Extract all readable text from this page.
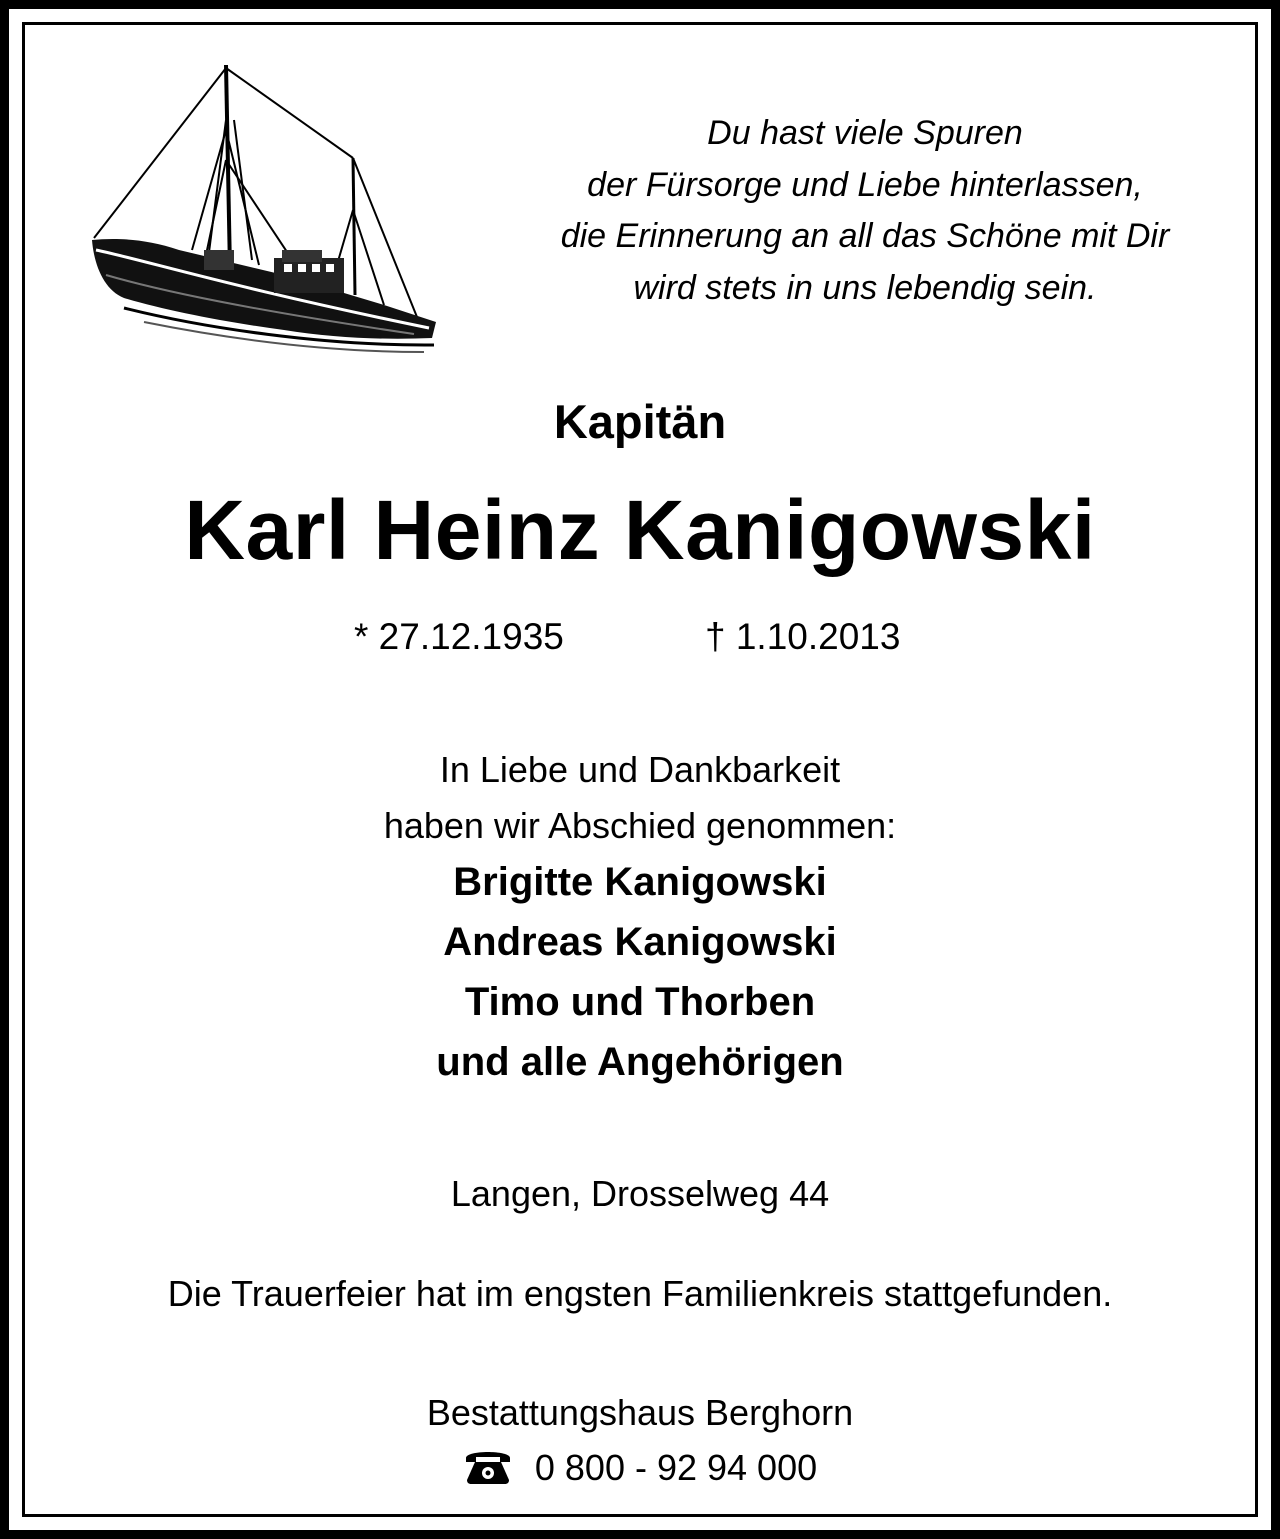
Du hast viele Spuren
der Fürsorge und Liebe hinterlassen,
die Erinnerung an all das Schöne mit Dir
wird stets in uns lebendig sein.
Kapitän
Karl Heinz Kanigowski
* 27.12.1935	† 1.10.2013
In Liebe und Dankbarkeit
haben wir Abschied genommen:
Brigitte Kanigowski
Andreas Kanigowski
Timo und Thorben
und alle Angehörigen
Langen, Drosselweg 44
Die Trauerfeier hat im engsten Familienkreis stattgefunden.
Bestattungshaus Berghorn
0 800 - 92 94 000
